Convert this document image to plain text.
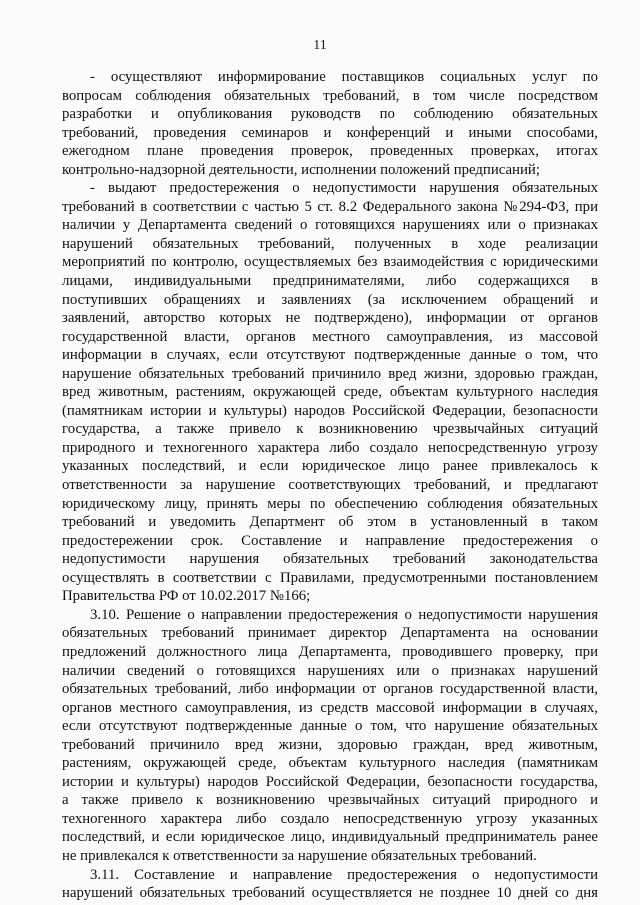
11
- осуществляют информирование поставщиков социальных услуг по
вопросам соблюдения обязательных требований, в том числе посредством
разработки и опубликования руководств по соблюдению обязательных
требований, проведения семинаров и конференций и иными способами,
ежегодном плане проведения проверок, проведенных проверках, итогах
контрольно-надзорной деятельности, исполнении положений предписаний;
- выдают предостережения о недопустимости нарушения обязательных
требований в соответствии с частью 5 ст. 8.2 Федерального закона №294-ФЗ, при
наличии у Департамента сведений о готовящихся нарушениях или о признаках
нарушений обязательных требований, полученных в ходе реализации
мероприятий по контролю, осуществляемых без взаимодействия с юридическими
лицами, индивидуальными предпринимателями, либо содержащихся в
поступивших обращениях и заявлениях (за исключением обращений и
заявлений, авторство которых не подтверждено), информации от органов
государственной власти, органов местного самоуправления, из массовой
информации в случаях, если отсутствуют подтвержденные данные о том, что
нарушение обязательных требований причинило вред жизни, здоровью граждан,
вред животным, растениям, окружающей среде, объектам культурного наследия
(памятникам истории и культуры) народов Российской Федерации, безопасности
государства, а также привело к возникновению чрезвычайных ситуаций
природного и техногенного характера либо создало непосредственную угрозу
указанных последствий, и если юридическое лицо ранее привлекалось к
ответственности за нарушение соответствующих требований, и предлагают
юридическому лицу, принять меры по обеспечению соблюдения обязательных
требований и уведомить Департмент об этом в установленный в таком
предостережении срок. Составление и направление предостережения о
недопустимости нарушения обязательных требований законодательства
осуществлять в соответствии с Правилами, предусмотренными постановлением
Правительства РФ от 10.02.2017 №166;
3.10. Решение о направлении предостережения о недопустимости нарушения
обязательных требований принимает директор Департамента на основании
предложений должностного лица Департамента, проводившего проверку, при
наличии сведений о готовящихся нарушениях или о признаках нарушений
обязательных требований, либо информации от органов государственной власти,
органов местного самоуправления, из средств массовой информации в случаях,
если отсутствуют подтвержденные данные о том, что нарушение обязательных
требований причинило вред жизни, здоровью граждан, вред животным,
растениям, окружающей среде, объектам культурного наследия (памятникам
истории и культуры) народов Российской Федерации, безопасности государства,
а также привело к возникновению чрезвычайных ситуаций природного и
техногенного характера либо создало непосредственную угрозу указанных
последствий, и если юридическое лицо, индивидуальный предприниматель ранее
не привлекался к ответственности за нарушение обязательных требований.
3.11. Составление и направление предостережения о недопустимости
нарушений обязательных требований осуществляется не позднее 10 дней со дня
